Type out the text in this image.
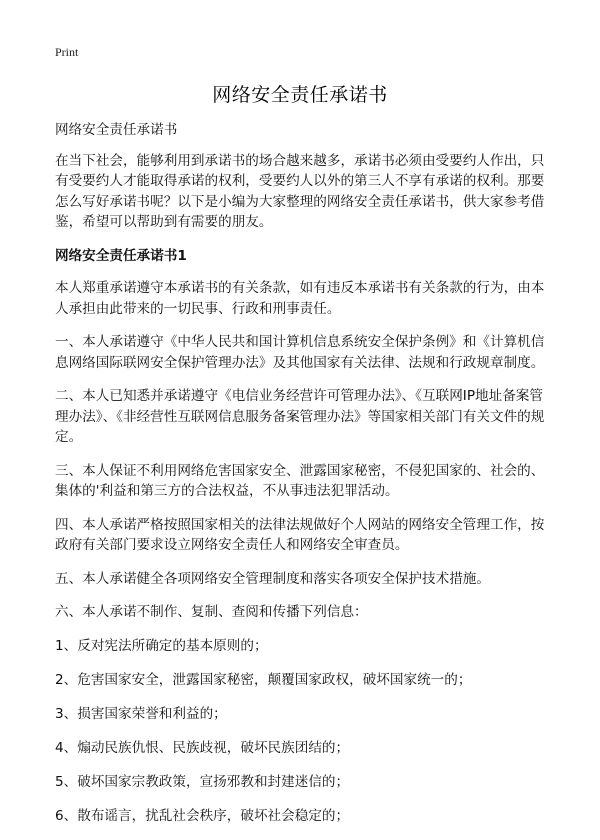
Print
网络安全责任承诺书

网络安全责任承诺书

在当下社会，能够利用到承诺书的场合越来越多，承诺书必须由受要约人作出，只有受要约人才能取得承诺的权利，受要约人以外的第三人不享有承诺的权利。那要怎么写好承诺书呢？以下是小编为大家整理的网络安全责任承诺书，供大家参考借鉴，希望可以帮助到有需要的朋友。

网络安全责任承诺书1

本人郑重承诺遵守本承诺书的有关条款，如有违反本承诺书有关条款的行为，由本人承担由此带来的一切民事、行政和刑事责任。

一、本人承诺遵守《中华人民共和国计算机信息系统安全保护条例》和《计算机信息网络国际联网安全保护管理办法》及其他国家有关法律、法规和行政规章制度。

二、本人已知悉并承诺遵守《电信业务经营许可管理办法》、《互联网IP地址备案管理办法》、《非经营性互联网信息服务备案管理办法》等国家相关部门有关文件的规定。

三、本人保证不利用网络危害国家安全、泄露国家秘密，不侵犯国家的、社会的、集体的'利益和第三方的合法权益，不从事违法犯罪活动。

四、本人承诺严格按照国家相关的法律法规做好个人网站的网络安全管理工作，按政府有关部门要求设立网络安全责任人和网络安全审查员。

五、本人承诺健全各项网络安全管理制度和落实各项安全保护技术措施。

六、本人承诺不制作、复制、查阅和传播下列信息：

1、反对宪法所确定的基本原则的；

2、危害国家安全，泄露国家秘密，颠覆国家政权，破坏国家统一的；

3、损害国家荣誉和利益的；

4、煽动民族仇恨、民族歧视，破坏民族团结的；

5、破坏国家宗教政策，宣扬邪教和封建迷信的；

6、散布谣言，扰乱社会秩序，破坏社会稳定的；
